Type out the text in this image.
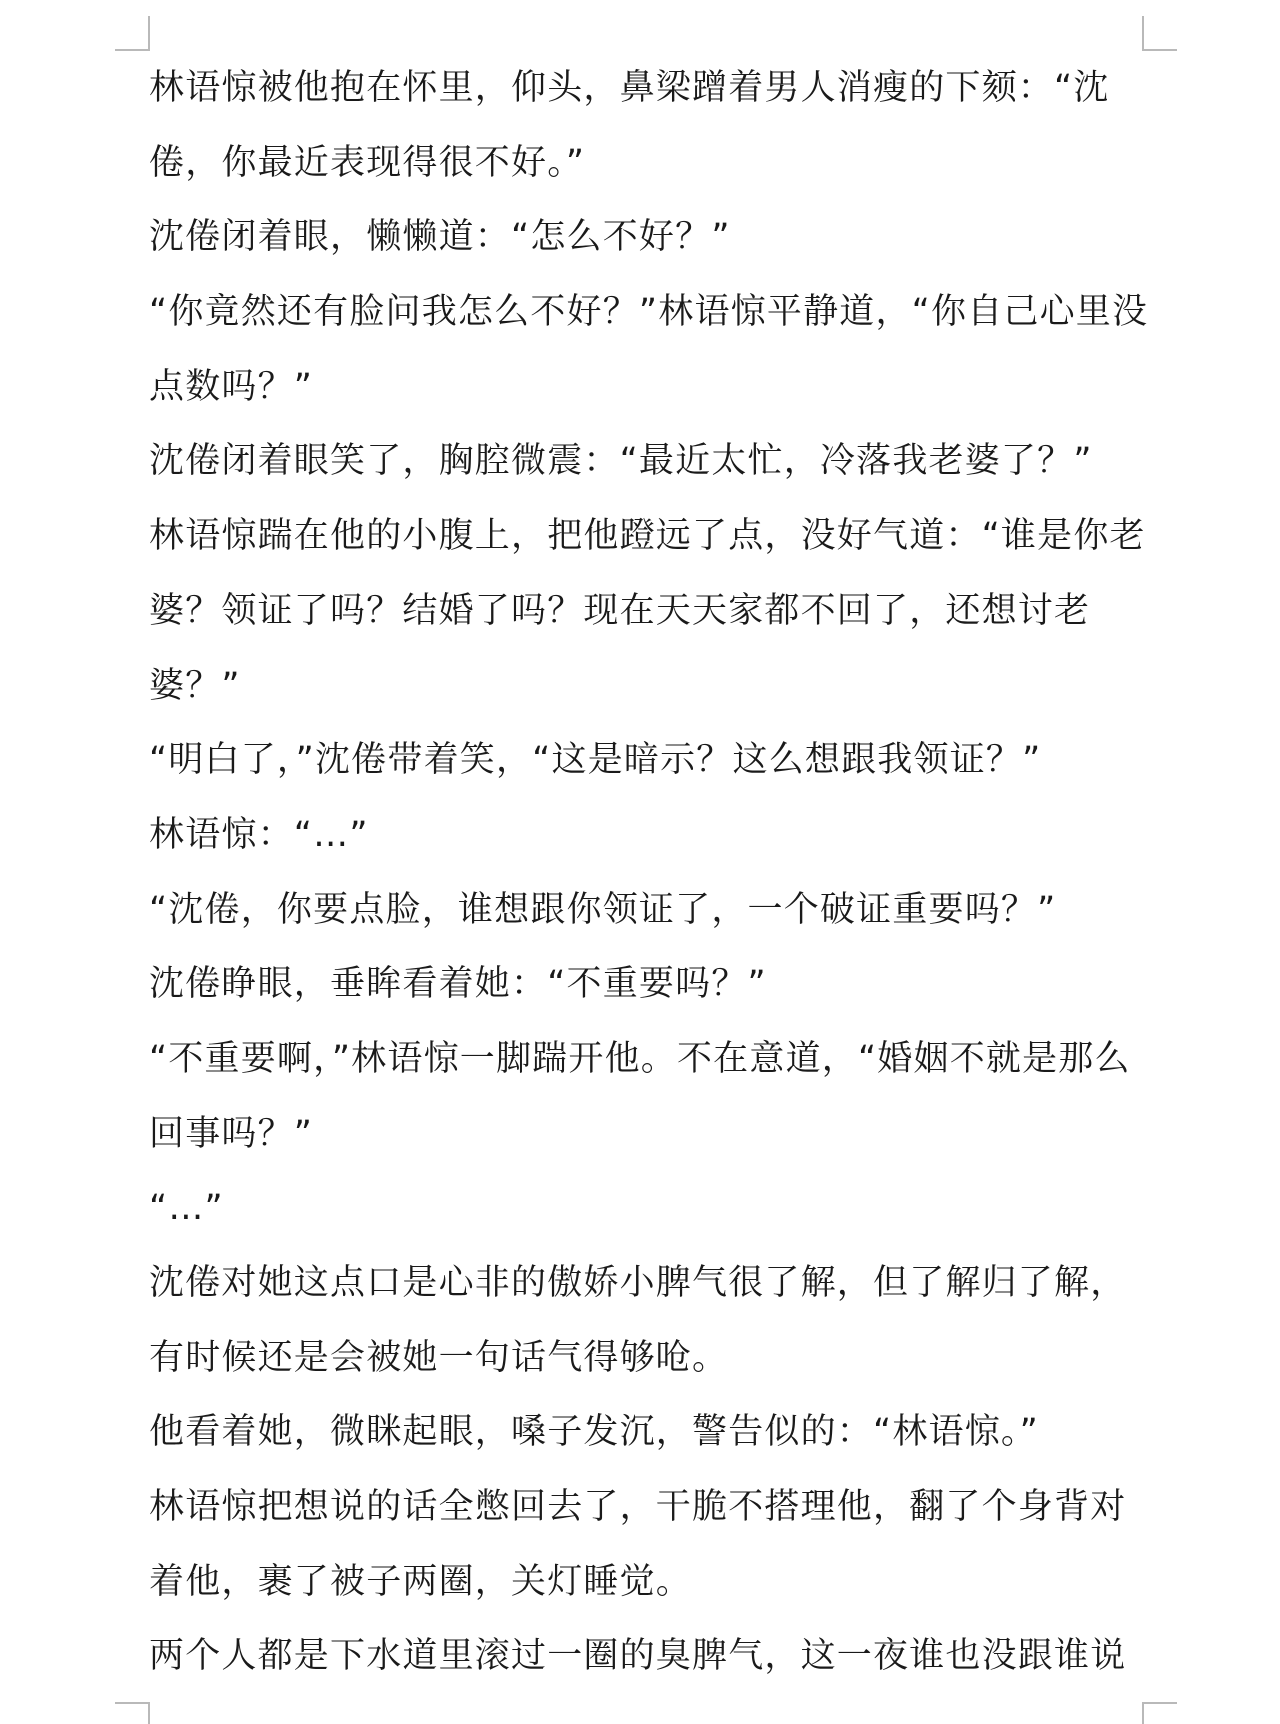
林语惊被他抱在怀里，仰头，鼻梁蹭着男人消瘦的下颏：“沈
倦，你最近表现得很不好。”
沈倦闭着眼，懒懒道：“怎么不好？”
“你竟然还有脸问我怎么不好？”林语惊平静道，“你自己心里没
点数吗？”
沈倦闭着眼笑了，胸腔微震：“最近太忙，冷落我老婆了？”
林语惊踹在他的小腹上，把他蹬远了点，没好气道：“谁是你老
婆？领证了吗？结婚了吗？现在天天家都不回了，还想讨老
婆？”
“明白了，”沈倦带着笑，“这是暗示？这么想跟我领证？”
林语惊：“…”
“沈倦，你要点脸，谁想跟你领证了，一个破证重要吗？”
沈倦睁眼，垂眸看着她：“不重要吗？”
“不重要啊，”林语惊一脚踹开他。不在意道，“婚姻不就是那么
回事吗？”
“…”
沈倦对她这点口是心非的傲娇小脾气很了解，但了解归了解，
有时候还是会被她一句话气得够呛。
他看着她，微眯起眼，嗓子发沉，警告似的：“林语惊。”
林语惊把想说的话全憋回去了，干脆不搭理他，翻了个身背对
着他，裹了被子两圈，关灯睡觉。
两个人都是下水道里滚过一圈的臭脾气，这一夜谁也没跟谁说
